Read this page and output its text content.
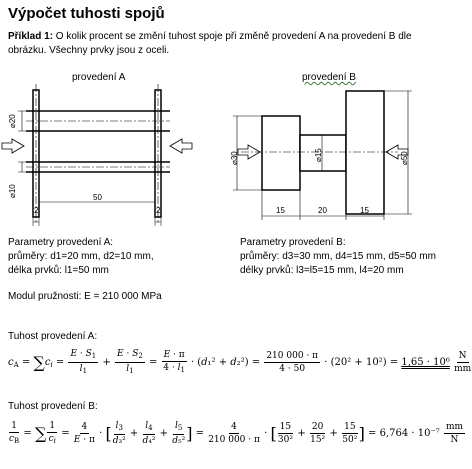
Výpočet tuhosti spojů
Příklad 1: O kolik procent se změní tuhost spoje při změně provedení A na provedení B dle obrázku. Všechny prvky jsou z oceli.
provedení A
⌀20
⌀10	50
2	2
provedení B
⌀30	⌀15	⌀50
15	20	15
Parametry provedení A:
průměry: d1=20 mm, d2=10 mm,
délka prvků: l1=50 mm
Parametry provedení B:
průměry: d3=30 mm, d4=15 mm, d5=50 mm
délky prvků: l3=l5=15 mm, l4=20 mm
Modul pružnosti: E = 210 000 MPa
Tuhost provedení A:
$c_A = \sum c_i = \frac{E \cdot S_1}{l_1} + \frac{E \cdot S_2}{l_1} = \frac{E \cdot \pi}{4 \cdot l_1} \cdot (d_1^2 + d_2^2) = \frac{210 000 \cdot \pi}{4 \cdot 50} \cdot (20^2 + 10^2) = 1,65 \cdot 10^6 \frac{N}{mm}$
Tuhost provedení B:
$\frac{1}{c_B}$ = ∑ $\frac{1}{c_i} = \frac{4}{E \cdot \pi}$ · [ $\frac{l_3}{\text{d₃²}} + \frac{l_4}{\text{d₄²}} + \frac{l_5}{\text{d₅²}}$ ] = $\frac{4}{210 000 \cdot \pi}$ · [ $\frac{15}{\text{30²}} + \frac{20}{\text{15²}} + \frac{15}{\text{50²}}$ ] = $6,764 \cdot 10^{-7} \frac{mm}{N}$
